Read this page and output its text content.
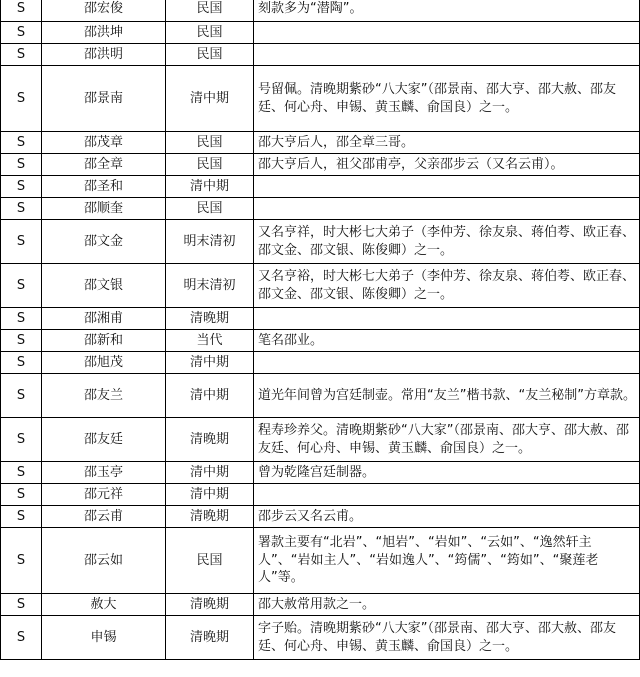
S	邵宏俊	民国	刻款多为“潜陶”。
S	邵洪坤	民国	
S	邵洪明	民国	
S	邵景南	清中期	号留佩。清晚期紫砂“八大家”（邵景南、邵大亨、邵大赦、邵友廷、何心舟、申锡、黄玉麟、俞国良）之一。
S	邵茂章	民国	邵大亨后人，邵全章三哥。
S	邵全章	民国	邵大亨后人，祖父邵甫亭，父亲邵步云（又名云甫）。
S	邵圣和	清中期	
S	邵顺奎	民国	
S	邵文金	明末清初	又名亨祥，时大彬七大弟子（李仲芳、徐友泉、蒋伯荂、欧正春、邵文金、邵文银、陈俊卿）之一。
S	邵文银	明末清初	又名亨裕，时大彬七大弟子（李仲芳、徐友泉、蒋伯荂、欧正春、邵文金、邵文银、陈俊卿）之一。
S	邵湘甫	清晚期	
S	邵新和	当代	笔名邵业。
S	邵旭茂	清中期	
S	邵友兰	清中期	道光年间曾为宫廷制壶。常用“友兰”楷书款、“友兰秘制”方章款。
S	邵友廷	清晚期	程寿珍养父。清晚期紫砂“八大家”（邵景南、邵大亨、邵大赦、邵友廷、何心舟、申锡、黄玉麟、俞国良）之一。
S	邵玉亭	清中期	曾为乾隆宫廷制器。
S	邵元祥	清中期	
S	邵云甫	清晚期	邵步云又名云甫。
S	邵云如	民国	署款主要有“北岩”、“旭岩”、“岩如”、“云如”、“逸然轩主人”、“岩如主人”、“岩如逸人”、“筠儒”、“筠如”、“聚莲老人”等。
S	赦大	清晚期	邵大赦常用款之一。
S	申锡	清晚期	字子贻。清晚期紫砂“八大家”（邵景南、邵大亨、邵大赦、邵友廷、何心舟、申锡、黄玉麟、俞国良）之一。
